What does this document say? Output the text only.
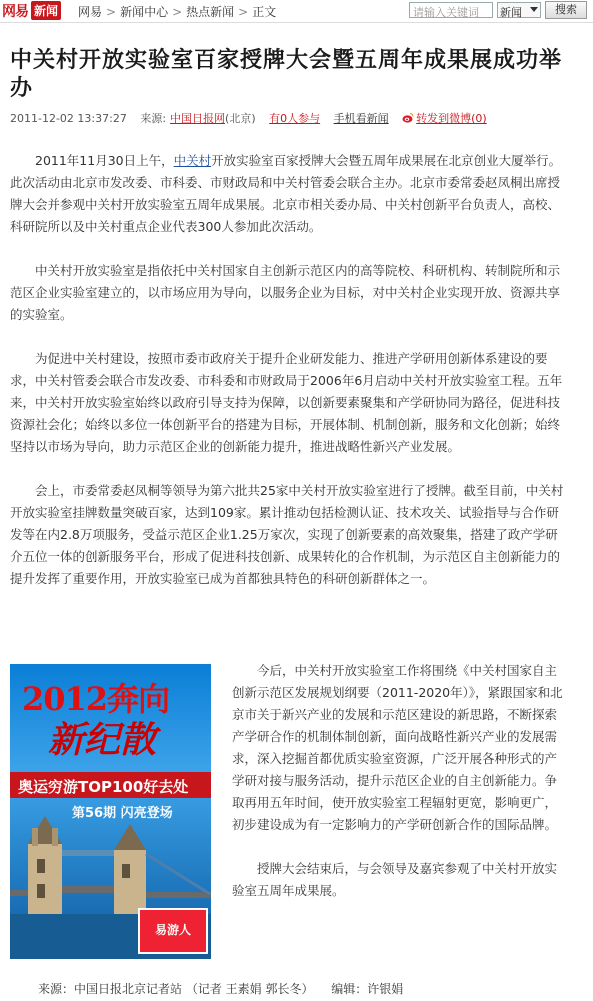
网易 新闻 网易 > 新闻中心 > 热点新闻 > 正文	请输入关键词	新闻	搜索
中关村开放实验室百家授牌大会暨五周年成果展成功举办
2011-12-02 13:37:27 来源: 中国日报网(北京) 有0人参与 手机看新闻	转发到微博(0)

2011年11月30日上午，中关村开放实验室百家授牌大会暨五周年成果展在北京创业大厦举行。此次活动由北京市发改委、市科委、市财政局和中关村管委会联合主办。北京市委常委赵凤桐出席授牌大会并参观中关村开放实验室五周年成果展。北京市相关委办局、中关村创新平台负责人，高校、科研院所以及中关村重点企业代表300人参加此次活动。

中关村开放实验室是指依托中关村国家自主创新示范区内的高等院校、科研机构、转制院所和示范区企业实验室建立的，以市场应用为导向，以服务企业为目标，对中关村企业实现开放、资源共享的实验室。

为促进中关村建设，按照市委市政府关于提升企业研发能力、推进产学研用创新体系建设的要求，中关村管委会联合市发改委、市科委和市财政局于2006年6月启动中关村开放实验室工程。五年来，中关村开放实验室始终以政府引导支持为保障，以创新要素聚集和产学研协同为路径，促进科技资源社会化；始终以多位一体创新平台的搭建为目标，开展体制、机制创新，服务和文化创新；始终坚持以市场为导向，助力示范区企业的创新能力提升，推进战略性新兴产业发展。

会上，市委常委赵凤桐等领导为第六批共25家中关村开放实验室进行了授牌。截至目前，中关村开放实验室挂牌数量突破百家，达到109家。累计推动包括检测认证、技术攻关、试验指导与合作研发等在内2.8万项服务，受益示范区企业1.25万家次，实现了创新要素的高效聚集，搭建了政产学研介五位一体的创新服务平台，形成了促进科技创新、成果转化的合作机制，为示范区自主创新能力的提升发挥了重要作用，开放实验室已成为首都独具特色的科研创新群体之一。

2012奔向
新纪散
奥运穷游TOP100好去处
第56期 闪亮登场
易游人

今后，中关村开放实验室工作将围绕《中关村国家自主创新示范区发展规划纲要（2011-2020年）》，紧跟国家和北京市关于新兴产业的发展和示范区建设的新思路，不断探索产学研合作的机制体制创新，面向战略性新兴产业的发展需求，深入挖掘首都优质实验室资源，广泛开展各种形式的产学研对接与服务活动，提升示范区企业的自主创新能力。争取再用五年时间，使开放实验室工程辐射更宽，影响更广，初步建设成为有一定影响力的产学研创新合作的国际品牌。

授牌大会结束后，与会领导及嘉宾参观了中关村开放实验室五周年成果展。

来源：中国日报北京记者站 （记者 王素娟 郭长冬） 编辑：许银娟
